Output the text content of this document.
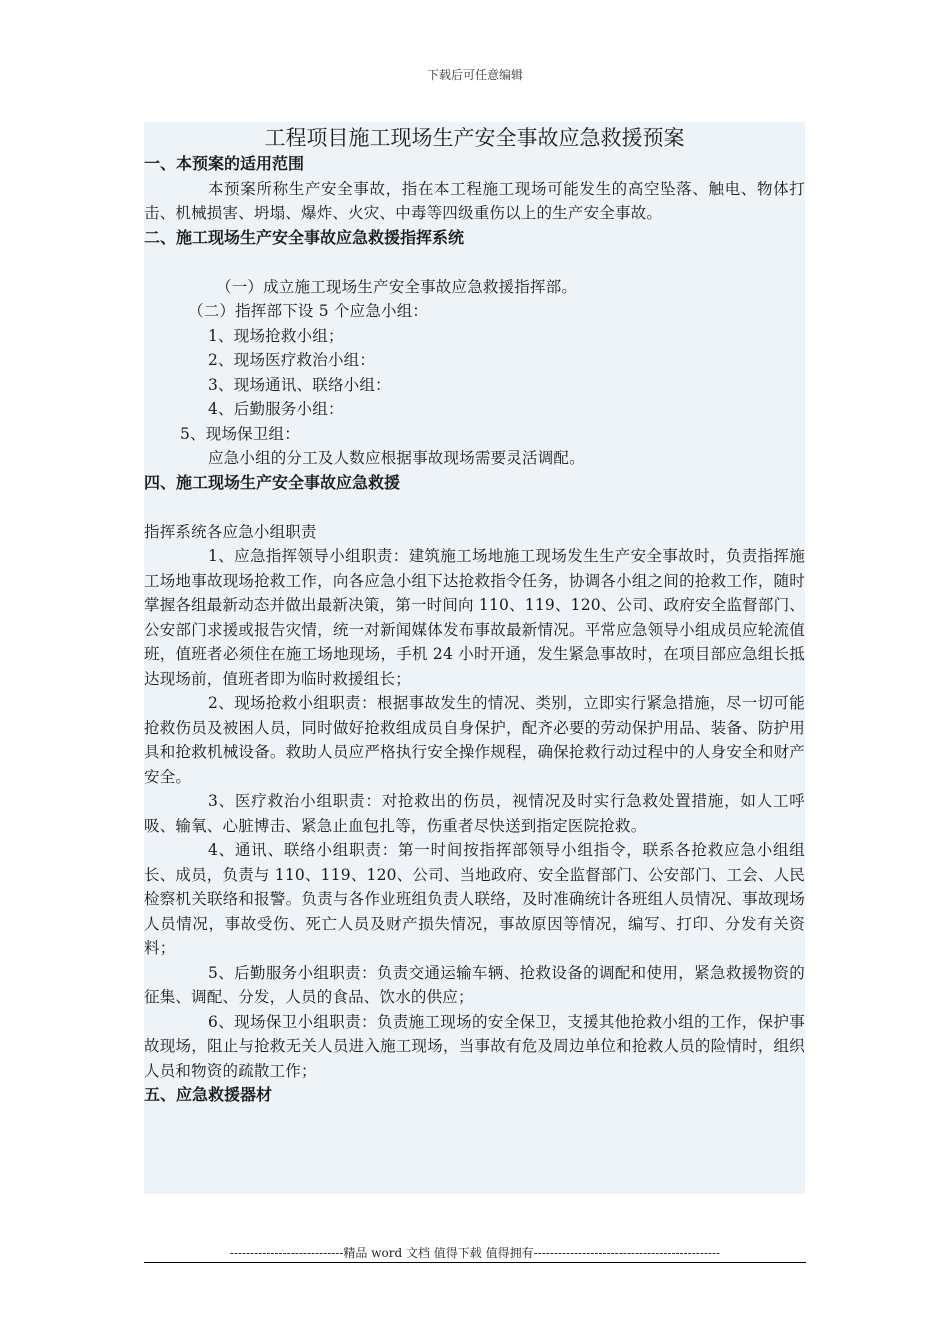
下载后可任意编辑
工程项目施工现场生产安全事故应急救援预案

一、本预案的适用范围

本预案所称生产安全事故，指在本工程施工现场可能发生的高空坠落、触电、物体打击、机械损害、坍塌、爆炸、火灾、中毒等四级重伤以上的生产安全事故。

二、施工现场生产安全事故应急救援指挥系统

（一）成立施工现场生产安全事故应急救援指挥部。

（二）指挥部下设 5 个应急小组：

1、现场抢救小组；

2、现场医疗救治小组：

3、现场通讯、联络小组：

4、后勤服务小组：

5、现场保卫组：

应急小组的分工及人数应根据事故现场需要灵活调配。

四、施工现场生产安全事故应急救援

指挥系统各应急小组职责

1、应急指挥领导小组职责：建筑施工场地施工现场发生生产安全事故时，负责指挥施工场地事故现场抢救工作，向各应急小组下达抢救指令任务，协调各小组之间的抢救工作，随时掌握各组最新动态并做出最新决策，第一时间向 110、119、120、公司、政府安全监督部门、公安部门求援或报告灾情，统一对新闻媒体发布事故最新情况。平常应急领导小组成员应轮流值班，值班者必须住在施工场地现场，手机 24 小时开通，发生紧急事故时，在项目部应急组长抵达现场前，值班者即为临时救援组长；

2、现场抢救小组职责：根据事故发生的情况、类别，立即实行紧急措施，尽一切可能抢救伤员及被困人员，同时做好抢救组成员自身保护，配齐必要的劳动保护用品、装备、防护用具和抢救机械设备。救助人员应严格执行安全操作规程，确保抢救行动过程中的人身安全和财产安全。

3、医疗救治小组职责：对抢救出的伤员，视情况及时实行急救处置措施，如人工呼吸、输氧、心脏博击、紧急止血包扎等，伤重者尽快送到指定医院抢救。

4、通讯、联络小组职责：第一时间按指挥部领导小组指令，联系各抢救应急小组组长、成员，负责与 110、119、120、公司、当地政府、安全监督部门、公安部门、工会、人民检察机关联络和报警。负责与各作业班组负责人联络，及时准确统计各班组人员情况、事故现场人员情况，事故受伤、死亡人员及财产损失情况，事故原因等情况，编写、打印、分发有关资料；

5、后勤服务小组职责：负责交通运输车辆、抢救设备的调配和使用，紧急救援物资的征集、调配、分发，人员的食品、饮水的供应；

6、现场保卫小组职责：负责施工现场的安全保卫，支援其他抢救小组的工作，保护事故现场，阻止与抢救无关人员进入施工现场，当事故有危及周边单位和抢救人员的险情时，组织人员和物资的疏散工作；

五、应急救援器材

----------------------------精品 word 文档 值得下载 值得拥有----------------------------------------------
